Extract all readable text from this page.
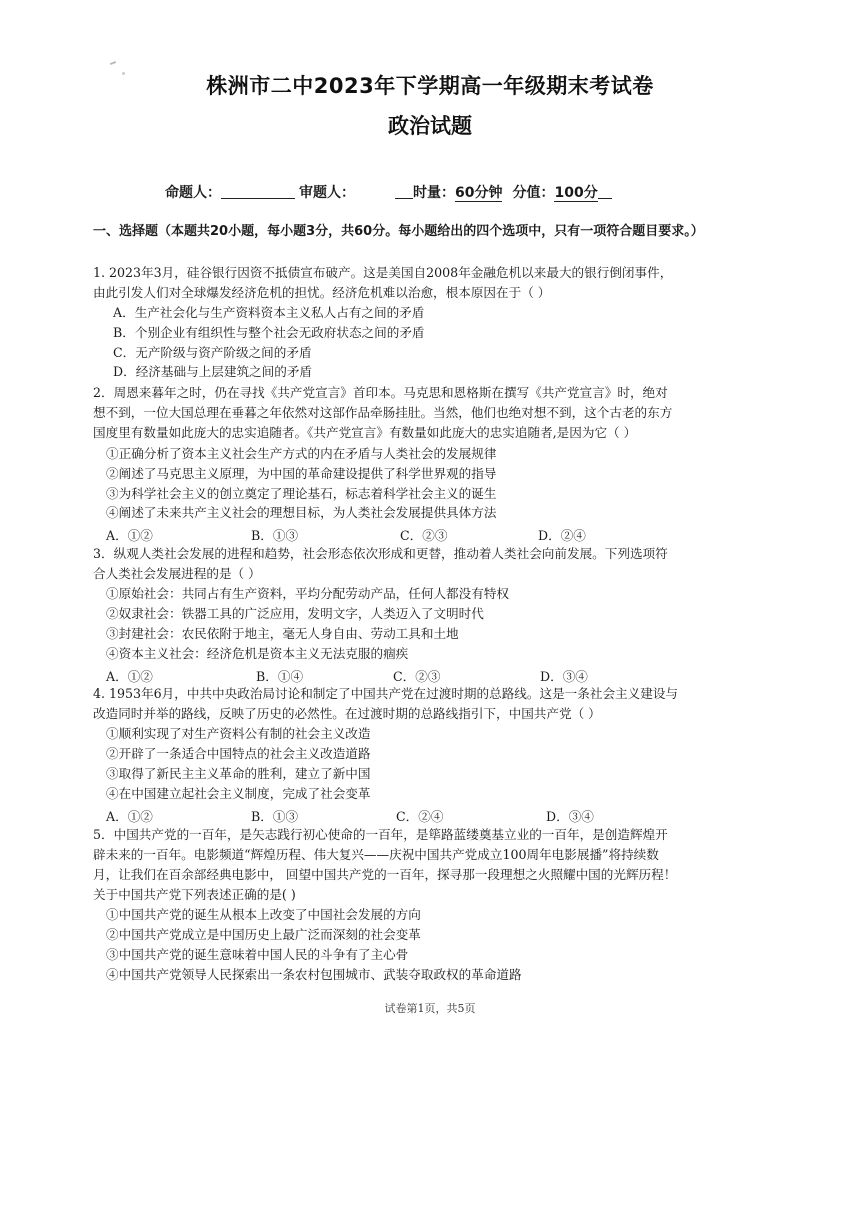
株洲市二中2023年下学期高一年级期末考试卷
政治试题
命题人：	审题人：	时量：60分钟 分值：100分
一、选择题（本题共20小题，每小题3分，共60分。每小题给出的四个选项中，只有一项符合题目要求。）
1. 2023年3月，硅谷银行因资不抵债宣布破产。这是美国自2008年金融危机以来最大的银行倒闭事件，
由此引发人们对全球爆发经济危机的担忧。经济危机难以治愈，根本原因在于（ ）
A．生产社会化与生产资料资本主义私人占有之间的矛盾
B．个别企业有组织性与整个社会无政府状态之间的矛盾
C．无产阶级与资产阶级之间的矛盾
D．经济基础与上层建筑之间的矛盾
2．周恩来暮年之时，仍在寻找《共产党宣言》首印本。马克思和恩格斯在撰写《共产党宣言》时，绝对
想不到，一位大国总理在垂暮之年依然对这部作品牵肠挂肚。当然，他们也绝对想不到，这个古老的东方
国度里有数量如此庞大的忠实追随者。《共产党宣言》有数量如此庞大的忠实追随者,是因为它（ ）
①正确分析了资本主义社会生产方式的内在矛盾与人类社会的发展规律
②阐述了马克思主义原理，为中国的革命建设提供了科学世界观的指导
③为科学社会主义的创立奠定了理论基石，标志着科学社会主义的诞生
④阐述了未来共产主义社会的理想目标，为人类社会发展提供具体方法
A．①②	B．①③	C．②③	D．②④
3．纵观人类社会发展的进程和趋势，社会形态依次形成和更替，推动着人类社会向前发展。下列选项符
合人类社会发展进程的是（ ）
①原始社会：共同占有生产资料，平均分配劳动产品，任何人都没有特权
②奴隶社会：铁器工具的广泛应用，发明文字，人类迈入了文明时代
③封建社会：农民依附于地主，毫无人身自由、劳动工具和土地
④资本主义社会：经济危机是资本主义无法克服的痼疾
A．①②	B．①④	C．②③	D．③④
4. 1953年6月，中共中央政治局讨论和制定了中国共产党在过渡时期的总路线。这是一条社会主义建设与
改造同时并举的路线，反映了历史的必然性。在过渡时期的总路线指引下，中国共产党（ ）
①顺利实现了对生产资料公有制的社会主义改造
②开辟了一条适合中国特点的社会主义改造道路
③取得了新民主主义革命的胜利，建立了新中国
④在中国建立起社会主义制度，完成了社会变革
A．①②	B．①③	C．②④	D．③④
5．中国共产党的一百年，是矢志践行初心使命的一百年，是筚路蓝缕奠基立业的一百年，是创造辉煌开
辟未来的一百年。电影频道“辉煌历程、伟大复兴——庆祝中国共产党成立100周年电影展播”将持续数
月，让我们在百余部经典电影中， 回望中国共产党的一百年，探寻那一段理想之火照耀中国的光辉历程！
关于中国共产党下列表述正确的是( )
①中国共产党的诞生从根本上改变了中国社会发展的方向
②中国共产党成立是中国历史上最广泛而深刻的社会变革
③中国共产党的诞生意味着中国人民的斗争有了主心骨
④中国共产党领导人民探索出一条农村包围城市、武装夺取政权的革命道路
试卷第1页，共5页
